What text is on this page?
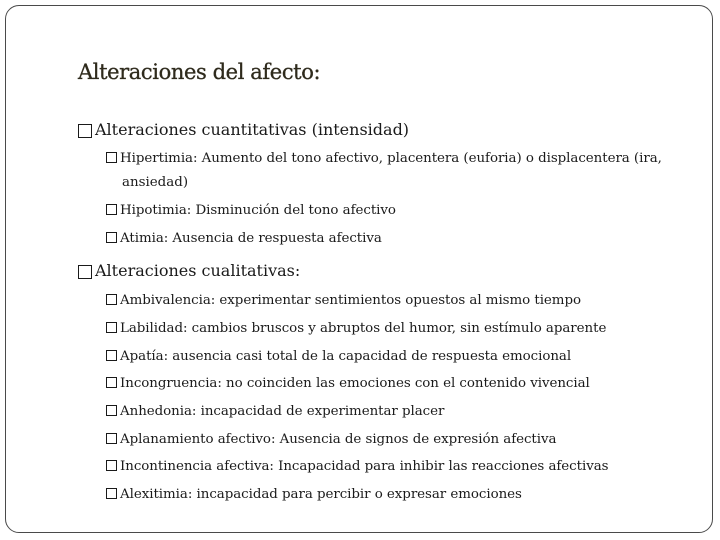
Alteraciones del afecto:
Alteraciones cuantitativas (intensidad)
Hipertimia: Aumento del tono afectivo, placentera (euforia) o displacentera (ira,
ansiedad)
Hipotimia: Disminución del tono afectivo
Atimia: Ausencia de respuesta afectiva
Alteraciones cualitativas:
Ambivalencia: experimentar sentimientos opuestos al mismo tiempo
Labilidad: cambios bruscos y abruptos del humor, sin estímulo aparente
Apatía: ausencia casi total de la capacidad de respuesta emocional
Incongruencia: no coinciden las emociones con el contenido vivencial
Anhedonia: incapacidad de experimentar placer
Aplanamiento afectivo: Ausencia de signos de expresión afectiva
Incontinencia afectiva: Incapacidad para inhibir las reacciones afectivas
Alexitimia: incapacidad para percibir o expresar emociones
